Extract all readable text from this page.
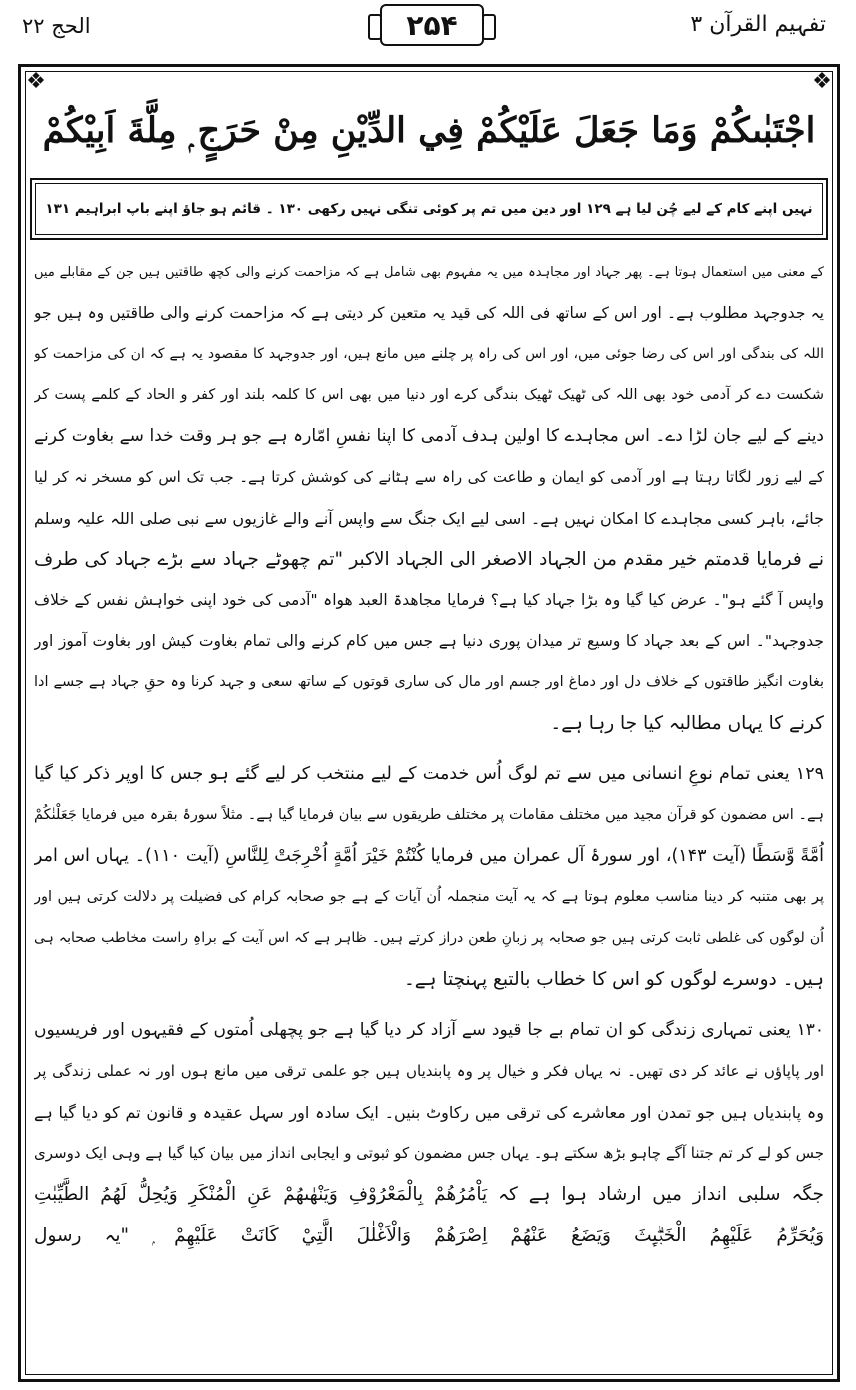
الحج ۲۲	۲۵۴	تفہیم القرآن ۳
❖	❖
اجْتَبٰىكُمْ وَمَا جَعَلَ عَلَيْكُمْ فِي الدِّيْنِ مِنْ حَرَجٍ ۭ مِلَّةَ اَبِيْكُمْ
نہیں اپنے کام کے لیے چُن لیا ہے ۱۲۹ اور دین میں تم پر کوئی تنگی نہیں رکھی ۱۳۰ ۔ قائم ہو جاؤ اپنے باپ ابراہیم ۱۳۱
کے معنی میں استعمال ہوتا ہے۔ پھر جہاد اور مجاہدہ میں یہ مفہوم بھی شامل ہے کہ مزاحمت کرنے والی کچھ طاقتیں ہیں جن کے مقابلے میں
یہ جدوجہد مطلوب ہے۔ اور اس کے ساتھ فی اللہ کی قید یہ متعین کر دیتی ہے کہ مزاحمت کرنے والی طاقتیں وہ ہیں جو
اللہ کی بندگی اور اس کی رضا جوئی میں، اور اس کی راہ پر چلنے میں مانع ہیں، اور جدوجہد کا مقصود یہ ہے کہ ان کی مزاحمت کو
شکست دے کر آدمی خود بھی اللہ کی ٹھیک ٹھیک بندگی کرے اور دنیا میں بھی اس کا کلمہ بلند اور کفر و الحاد کے کلمے پست کر
دینے کے لیے جان لڑا دے۔ اس مجاہدے کا اولین ہدف آدمی کا اپنا نفسِ امّارہ ہے جو ہر وقت خدا سے بغاوت کرنے
کے لیے زور لگاتا رہتا ہے اور آدمی کو ایمان و طاعت کی راہ سے ہٹانے کی کوشش کرتا ہے۔ جب تک اس کو مسخر نہ کر لیا
جائے، باہر کسی مجاہدے کا امکان نہیں ہے۔ اسی لیے ایک جنگ سے واپس آنے والے غازیوں سے نبی صلی اللہ علیہ وسلم
نے فرمایا قدمتم خیر مقدم من الجہاد الاصغر الی الجہاد الاکبر "تم چھوٹے جہاد سے بڑے جہاد کی طرف
واپس آ گئے ہو"۔ عرض کیا گیا وہ بڑا جہاد کیا ہے؟ فرمایا مجاھدۃ العبد ھواہ "آدمی کی خود اپنی خواہش نفس کے خلاف
جدوجہد"۔ اس کے بعد جہاد کا وسیع تر میدان پوری دنیا ہے جس میں کام کرنے والی تمام بغاوت کیش اور بغاوت آموز اور
بغاوت انگیز طاقتوں کے خلاف دل اور دماغ اور جسم اور مال کی ساری قوتوں کے ساتھ سعی و جہد کرنا وہ حقِ جہاد ہے جسے ادا
کرنے کا یہاں مطالبہ کیا جا رہا ہے۔
۱۲۹ یعنی تمام نوعِ انسانی میں سے تم لوگ اُس خدمت کے لیے منتخب کر لیے گئے ہو جس کا اوپر ذکر کیا گیا
ہے۔ اس مضمون کو قرآن مجید میں مختلف مقامات پر مختلف طریقوں سے بیان فرمایا گیا ہے۔ مثلاً سورۂ بقرہ میں فرمایا جَعَلْنٰكُمْ
اُمَّةً وَّسَطًا (آیت ۱۴۳)، اور سورۂ آل عمران میں فرمایا کُنْتُمْ خَیْرَ اُمَّةٍ اُخْرِجَتْ لِلنَّاسِ (آیت ۱۱۰)۔ یہاں اس امر
پر بھی متنبہ کر دینا مناسب معلوم ہوتا ہے کہ یہ آیت منجملہ اُن آیات کے ہے جو صحابہ کرام کی فضیلت پر دلالت کرتی ہیں اور
اُن لوگوں کی غلطی ثابت کرتی ہیں جو صحابہ پر زبانِ طعن دراز کرتے ہیں۔ ظاہر ہے کہ اس آیت کے براہِ راست مخاطب صحابہ ہی
ہیں۔ دوسرے لوگوں کو اس کا خطاب بالتبع پہنچتا ہے۔
۱۳۰ یعنی تمہاری زندگی کو ان تمام بے جا قیود سے آزاد کر دیا گیا ہے جو پچھلی اُمتوں کے فقیہوں اور فریسیوں
اور پاپاؤں نے عائد کر دی تھیں۔ نہ یہاں فکر و خیال پر وہ پابندیاں ہیں جو علمی ترقی میں مانع ہوں اور نہ عملی زندگی پر
وہ پابندیاں ہیں جو تمدن اور معاشرے کی ترقی میں رکاوٹ بنیں۔ ایک سادہ اور سہل عقیدہ و قانون تم کو دیا گیا ہے
جس کو لے کر تم جتنا آگے چاہو بڑھ سکتے ہو۔ یہاں جس مضمون کو ثبوتی و ایجابی انداز میں بیان کیا گیا ہے وہی ایک دوسری
جگہ سلبی انداز میں ارشاد ہوا ہے کہ یَاْمُرُهُمْ بِالْمَعْرُوْفِ وَيَنْهٰىهُمْ عَنِ الْمُنْكَرِ وَيُحِلُّ لَهُمُ الطَّيِّبٰتِ
وَيُحَرِّمُ عَلَيْهِمُ الْخَبٰۗىِٕثَ وَيَضَعُ عَنْهُمْ اِصْرَهُمْ وَالْاَغْلٰلَ الَّتِيْ كَانَتْ عَلَيْهِمْ ۭ "یہ رسول
